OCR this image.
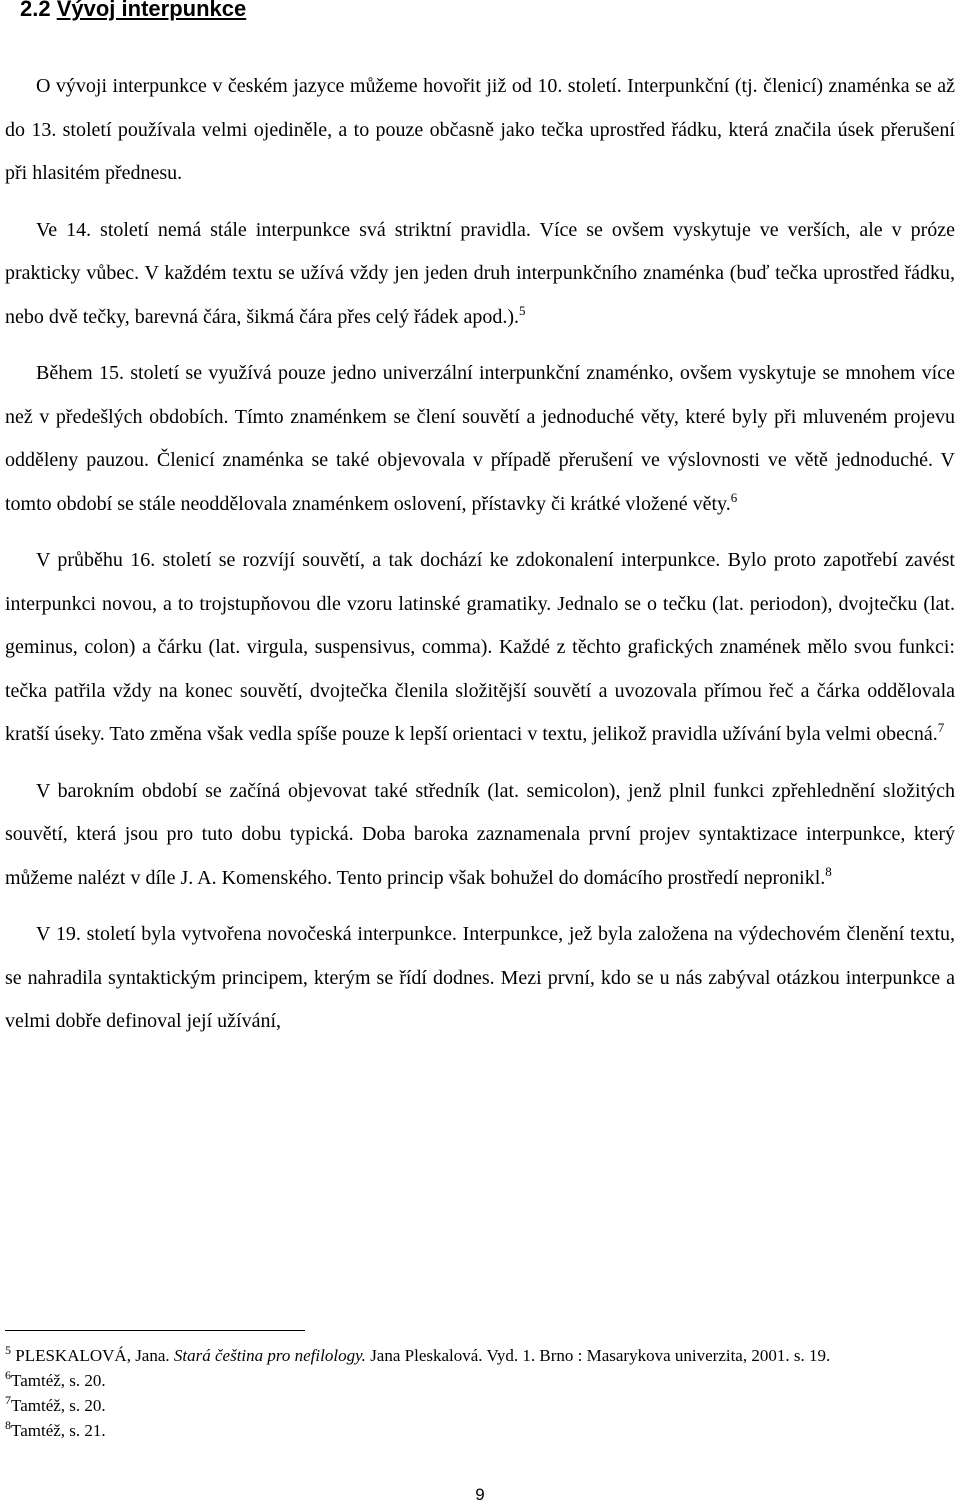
2.2 Vývoj interpunkce

O vývoji interpunkce v českém jazyce můžeme hovořit již od 10. století. Interpunkční (tj. členicí) znaménka se až do 13. století používala velmi ojediněle, a to pouze občasně jako tečka uprostřed řádku, která značila úsek přerušení při hlasitém přednesu.

Ve 14. století nemá stále interpunkce svá striktní pravidla. Více se ovšem vyskytuje ve verších, ale v próze prakticky vůbec. V každém textu se užívá vždy jen jeden druh interpunkčního znaménka (buď tečka uprostřed řádku, nebo dvě tečky, barevná čára, šikmá čára přes celý řádek apod.).$^5$

Během 15. století se využívá pouze jedno univerzální interpunkční znaménko, ovšem vyskytuje se mnohem více než v předešlých obdobích. Tímto znaménkem se člení souvětí a jednoduché věty, které byly při mluveném projevu odděleny pauzou. Členicí znaménka se také objevovala v případě přerušení ve výslovnosti ve větě jednoduché. V tomto období se stále neoddělovala znaménkem oslovení, přístavky či krátké vložené věty.$^6$

V průběhu 16. století se rozvíjí souvětí, a tak dochází ke zdokonalení interpunkce. Bylo proto zapotřebí zavést interpunkci novou, a to trojstupňovou dle vzoru latinské gramatiky. Jednalo se o tečku (lat. periodon), dvojtečku (lat. geminus, colon) a čárku (lat. virgula, suspensivus, comma). Každé z těchto grafických znamének mělo svou funkci: tečka patřila vždy na konec souvětí, dvojtečka členila složitější souvětí a uvozovala přímou řeč a čárka oddělovala kratší úseky. Tato změna však vedla spíše pouze k lepší orientaci v textu, jelikož pravidla užívání byla velmi obecná.$^7$

V barokním období se začíná objevovat také středník (lat. semicolon), jenž plnil funkci zpřehlednění složitých souvětí, která jsou pro tuto dobu typická. Doba baroka zaznamenala první projev syntaktizace interpunkce, který můžeme nalézt v díle J. A. Komenského. Tento princip však bohužel do domácího prostředí nepronikl.$^8$

V 19. století byla vytvořena novočeská interpunkce. Interpunkce, jež byla založena na výdechovém členění textu, se nahradila syntaktickým principem, kterým se řídí dodnes. Mezi první, kdo se u nás zabýval otázkou interpunkce a velmi dobře definoval její užívání,

$^5$ PLESKALOVÁ, Jana. Stará čeština pro nefilology. Jana Pleskalová. Vyd. 1. Brno : Masarykova univerzita, 2001. s. 19.

$^6$Tamtéž, s. 20.

$^7$Tamtéž, s. 20.

$^8$Tamtéž, s. 21.

9
